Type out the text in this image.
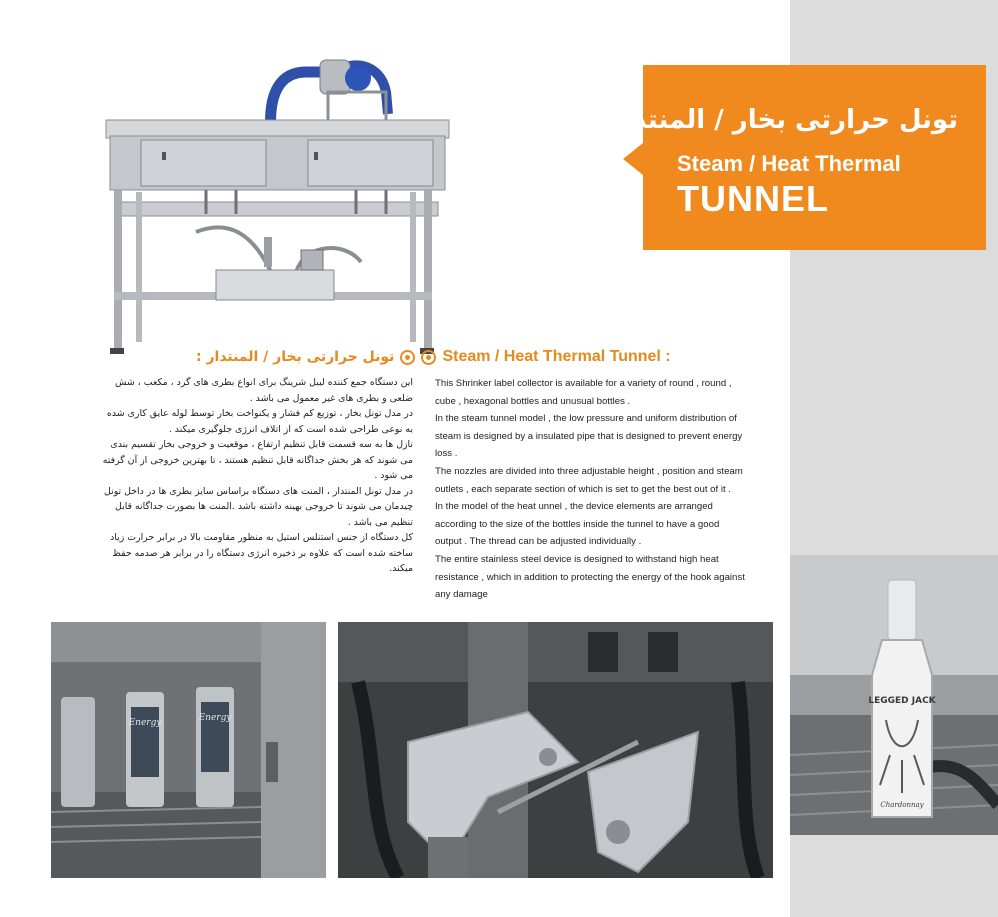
تونل حرارتی بخار / المنتدار
Steam / Heat Thermal
TUNNEL
تونل حرارتی بخار / المنتدار :	Steam / Heat Thermal Tunnel :

این دستگاه جمع کننده لیبل شرینگ برای انواع بطری های گرد ، مکعب ، شش
ضلعی و بطری های غیر معمول می باشد .

در مدل تونل بخار ، توزیع کم فشار و یکنواخت بخار توسط لوله عایق کاری شده
به نوعی طراحی شده است که از اتلاف انرژی جلوگیری میکند .

نازل ها به سه قسمت قابل تنظیم ارتفاع ، موقعیت و خروجی بخار تقسیم بندی
می شوند که هر بخش جداگانه قابل تنظیم هستند ، تا بهترین خروجی از آن گرفته
می شود .

در مدل تونل المنتدار ، المنت های دستگاه براساس سایز بطری ها در داخل تونل
چیدمان می شوند تا خروجی بهینه داشته باشد .المنت ها بصورت جداگانه قابل
تنظیم می باشد .

کل دستگاه از جنس استنلس استیل به منظور مقاومت بالا در برابر حرارت زیاد
ساخته شده است که علاوه بر ذخیره انرژی دستگاه را در برابر هر صدمه حفظ
میکند.

This Shrinker label collector is available for a variety of round , round ,
cube , hexagonal bottles and unusual bottles .

In the steam tunnel model , the low pressure and uniform distribution of
steam is designed by a insulated pipe that is designed to prevent energy
loss .

The nozzles are divided into three adjustable height , position and steam
outlets , each separate section of which is set to get the best out of it .

In the model of the heat unnel , the device elements are arranged
according to the size of the bottles inside the tunnel to have a good
output . The thread can be adjusted individually .

The entire stainless steel device is designed to withstand high heat
resistance , which in addition to protecting the energy of the hook against
any damage

Energy
Energy
LEGGED JACK
Chardonnay
